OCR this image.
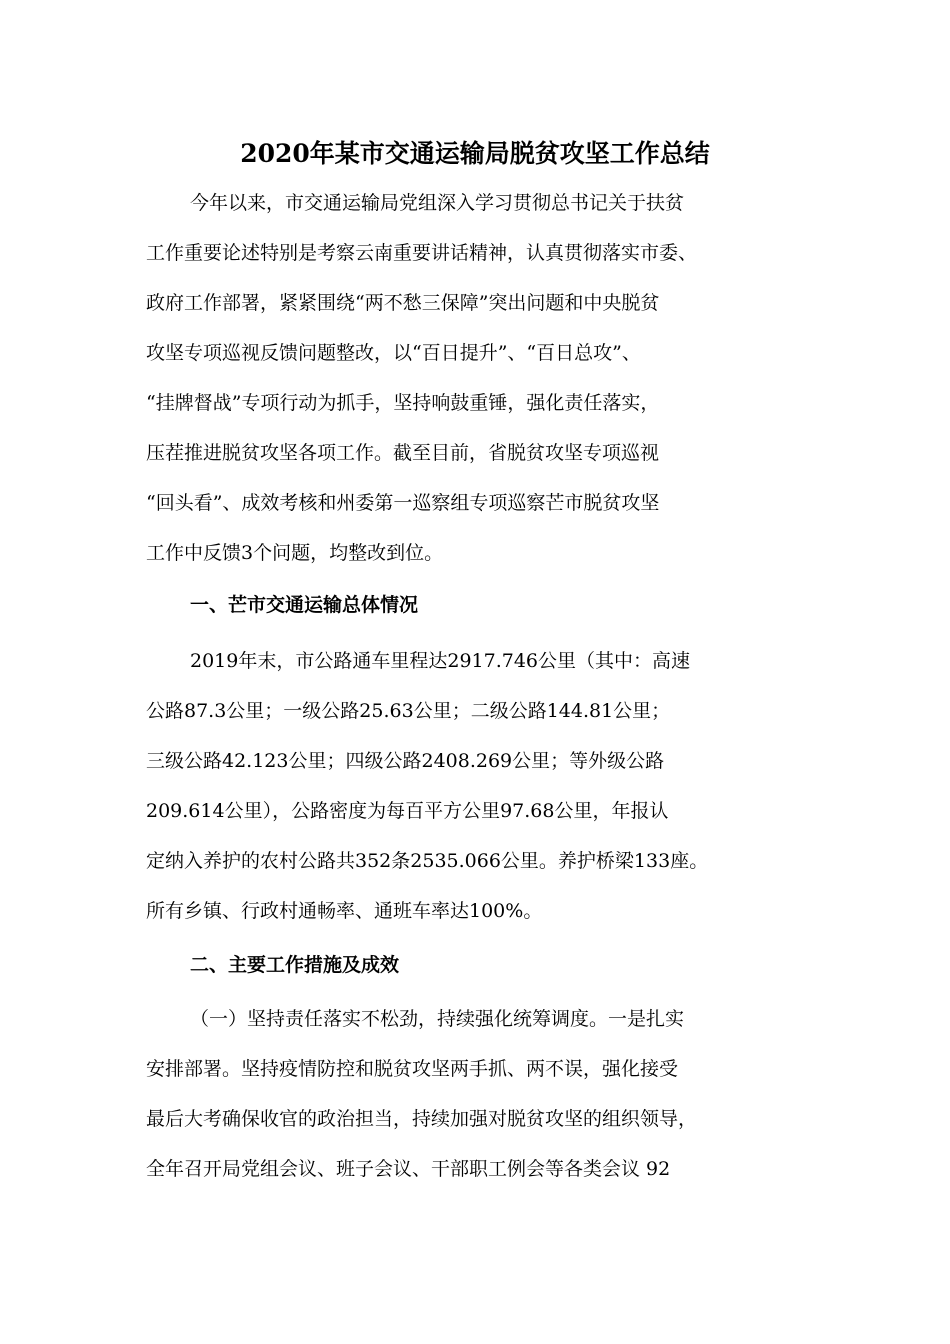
2020年某市交通运输局脱贫攻坚工作总结

今年以来，市交通运输局党组深入学习贯彻总书记关于扶贫

工作重要论述特别是考察云南重要讲话精神，认真贯彻落实市委、

政府工作部署，紧紧围绕“两不愁三保障”突出问题和中央脱贫

攻坚专项巡视反馈问题整改，以“百日提升”、“百日总攻”、

“挂牌督战”专项行动为抓手，坚持响鼓重锤，强化责任落实，

压茬推进脱贫攻坚各项工作。截至目前，省脱贫攻坚专项巡视

“回头看”、成效考核和州委第一巡察组专项巡察芒市脱贫攻坚

工作中反馈3个问题，均整改到位。

一、芒市交通运输总体情况

2019年末，市公路通车里程达2917.746公里（其中：高速

公路87.3公里；一级公路25.63公里；二级公路144.81公里；

三级公路42.123公里；四级公路2408.269公里；等外级公路

209.614公里），公路密度为每百平方公里97.68公里，年报认

定纳入养护的农村公路共352条2535.066公里。养护桥梁133座。

所有乡镇、行政村通畅率、通班车率达100%。

二、主要工作措施及成效

（一）坚持责任落实不松劲，持续强化统筹调度。一是扎实

安排部署。坚持疫情防控和脱贫攻坚两手抓、两不误，强化接受

最后大考确保收官的政治担当，持续加强对脱贫攻坚的组织领导，

全年召开局党组会议、班子会议、干部职工例会等各类会议 92
